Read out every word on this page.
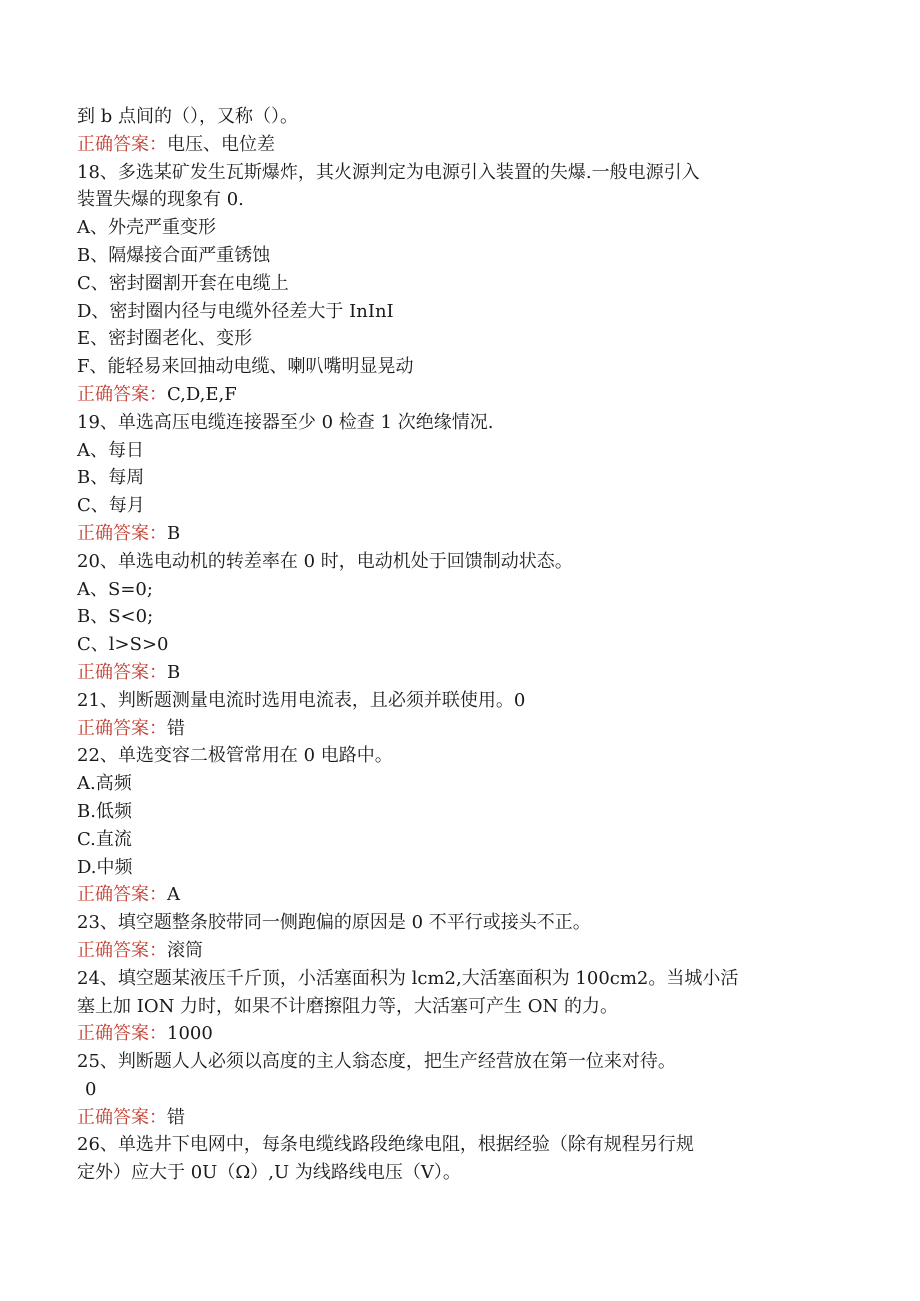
到 b 点间的（），又称（）。
正确答案：电压、电位差
18、多选某矿发生瓦斯爆炸，其火源判定为电源引入装置的失爆.一般电源引入
装置失爆的现象有 0.
A、外壳严重变形
B、隔爆接合面严重锈蚀
C、密封圈割开套在电缆上
D、密封圈内径与电缆外径差大于 InInI
E、密封圈老化、变形
F、能轻易来回抽动电缆、喇叭嘴明显晃动
正确答案：C,D,E,F
19、单选高压电缆连接器至少 0 检查 1 次绝缘情况.
A、每日
B、每周
C、每月
正确答案：B
20、单选电动机的转差率在 0 时，电动机处于回馈制动状态。
A、S=0;
B、S<0;
C、l>S>0
正确答案：B
21、判断题测量电流时选用电流表，且必须并联使用。0
正确答案：错
22、单选变容二极管常用在 0 电路中。
A.高频
B.低频
C.直流
D.中频
正确答案：A
23、填空题整条胶带同一侧跑偏的原因是 0 不平行或接头不正。
正确答案：滚筒
24、填空题某液压千斤顶，小活塞面积为 lcm2,大活塞面积为 100cm2。当城小活
塞上加 ION 力时，如果不计磨擦阻力等，大活塞可产生 ON 的力。
正确答案：1000
25、判断题人人必须以高度的主人翁态度，把生产经营放在第一位来对待。
0
正确答案：错
26、单选井下电网中，每条电缆线路段绝缘电阻，根据经验（除有规程另行规
定外）应大于 0U（Ω）,U 为线路线电压（V）。
